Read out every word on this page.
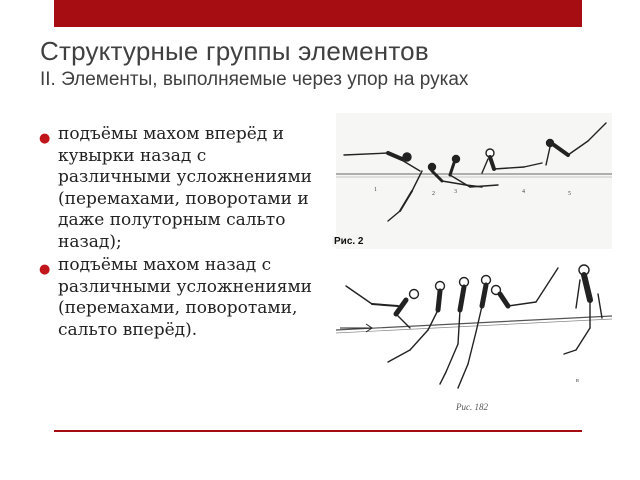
Структурные группы элементов
II. Элементы, выполняемые через упор на руках
● подъёмы махом вперёд и кувырки назад с различными усложнениями (перемахами, поворотами и даже полуторным сальто назад);
● подъёмы махом назад с различными усложнениями (перемахами, поворотами, сальто вперёд).
1
2	3	4	5
Рис. 2
в
Рис. 182
